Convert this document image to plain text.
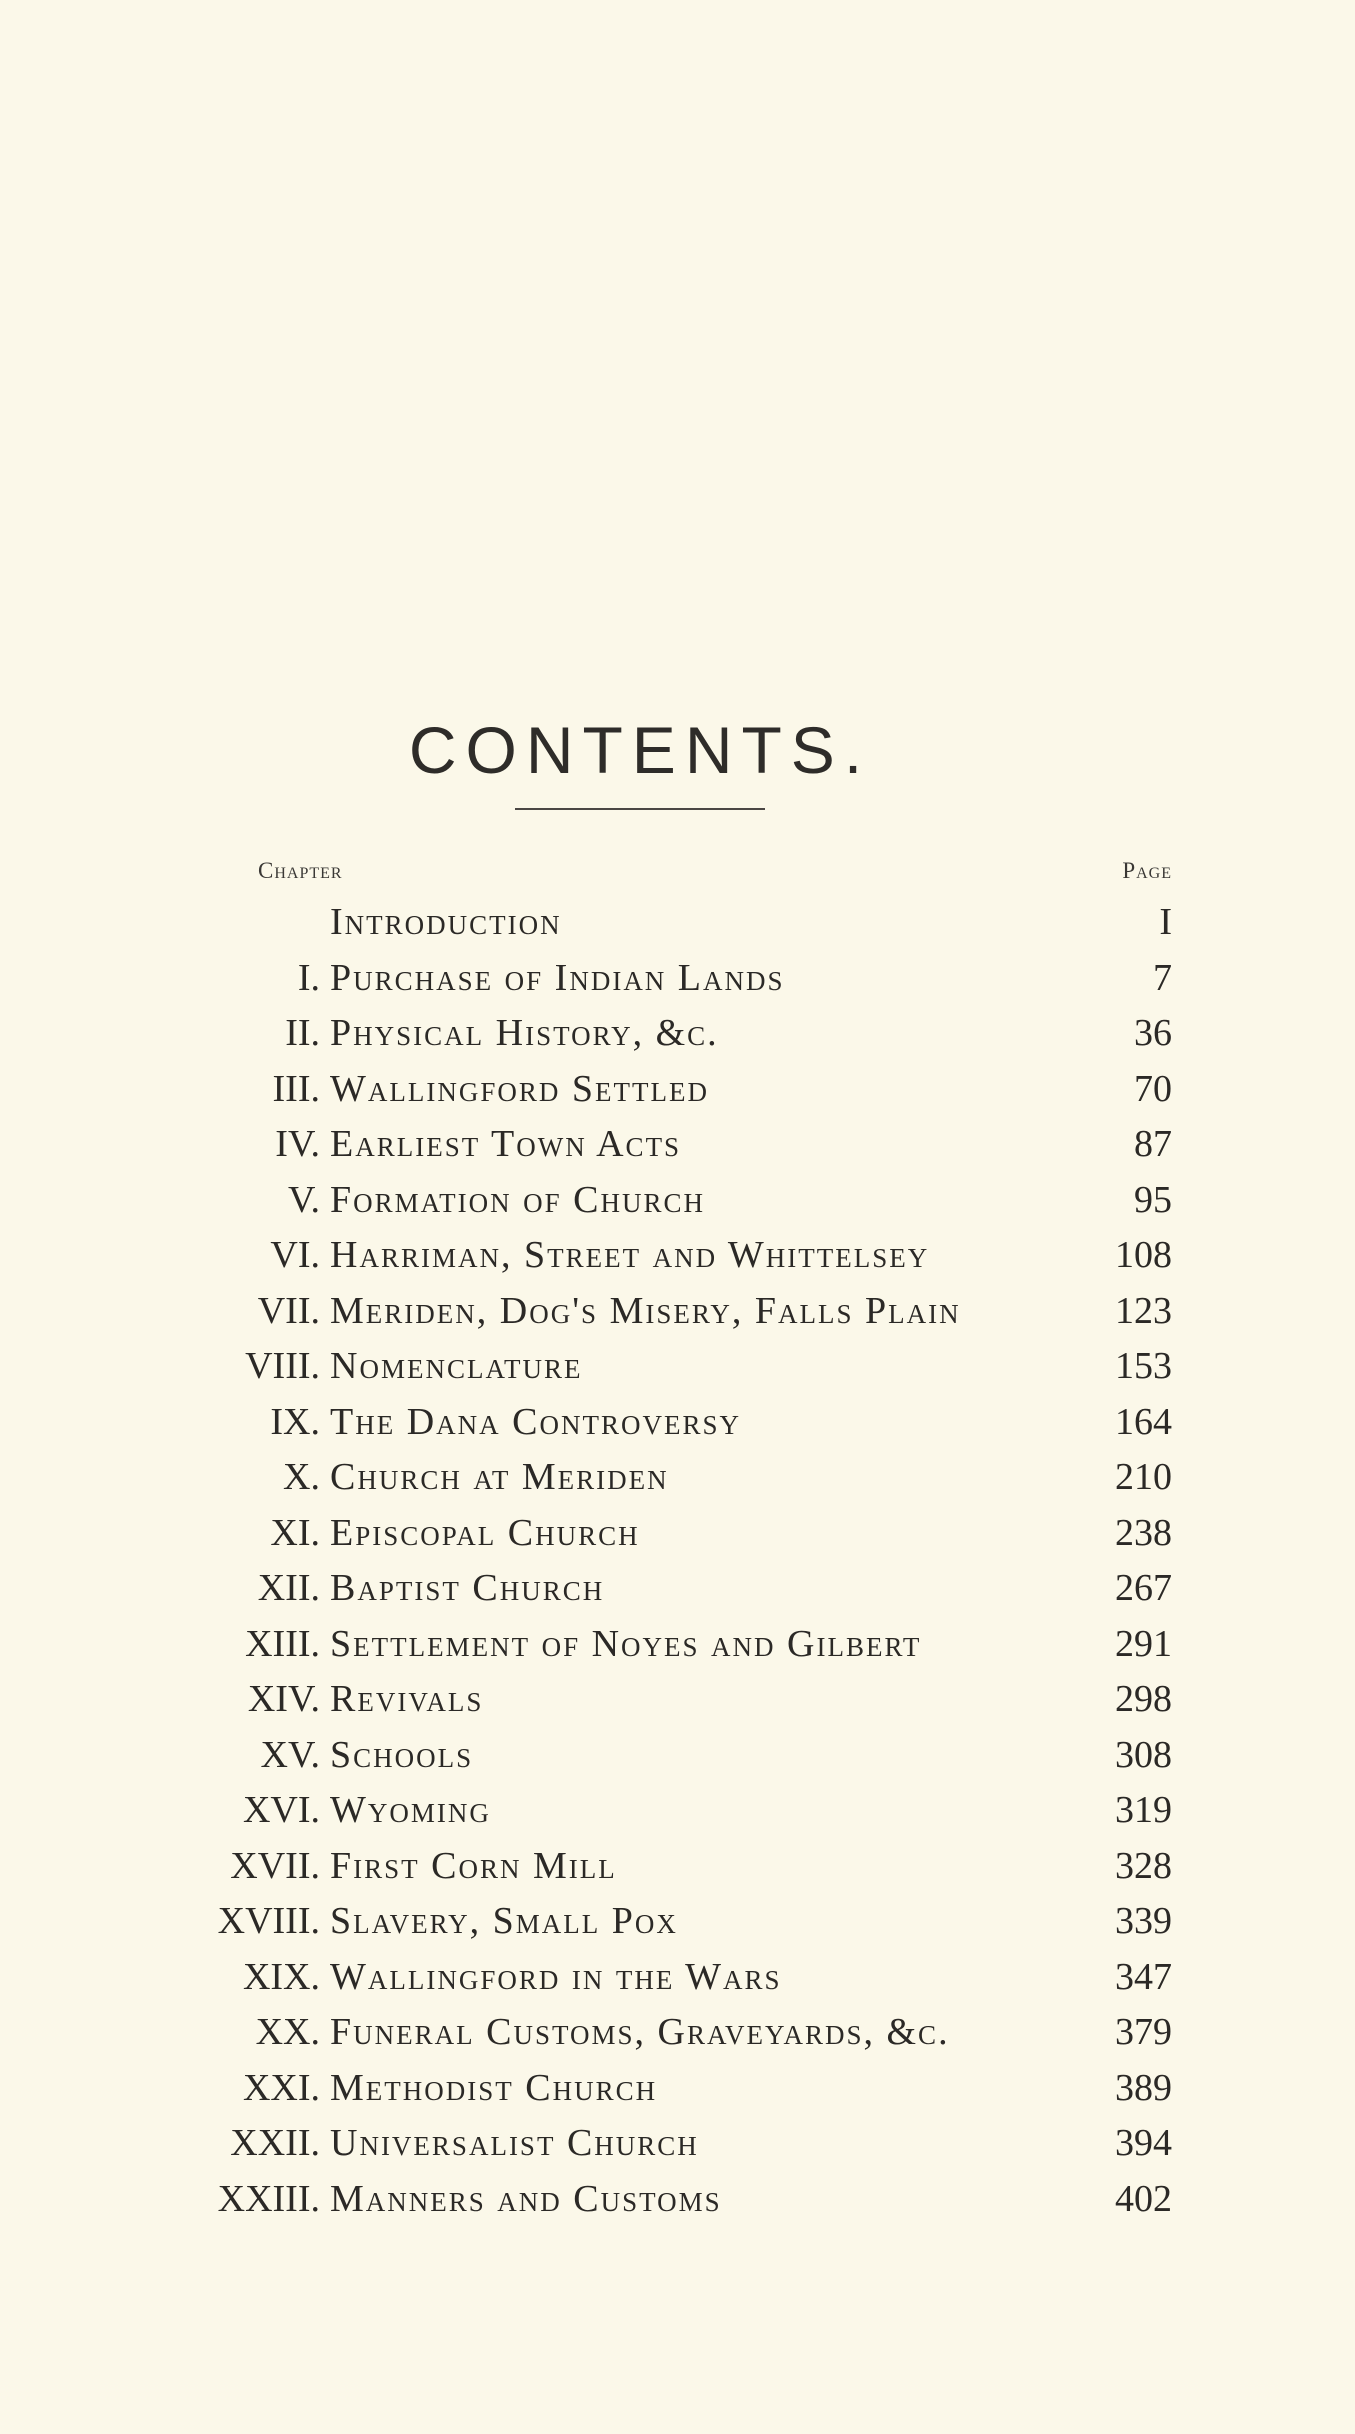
CONTENTS.
Chapter	Page
Introduction	I
I. Purchase of Indian Lands	7
II. Physical History, &c.	36
III. Wallingford Settled	70
IV. Earliest Town Acts	87
V. Formation of Church	95
VI. Harriman, Street and Whittelsey	108
VII. Meriden, Dog's Misery, Falls Plain	123
VIII. Nomenclature	153
IX. The Dana Controversy	164
X. Church at Meriden	210
XI. Episcopal Church	238
XII. Baptist Church	267
XIII. Settlement of Noyes and Gilbert	291
XIV. Revivals	298
XV. Schools	308
XVI. Wyoming	319
XVII. First Corn Mill	328
XVIII. Slavery, Small Pox	339
XIX. Wallingford in the Wars	347
XX. Funeral Customs, Graveyards, &c.	379
XXI. Methodist Church	389
XXII. Universalist Church	394
XXIII. Manners and Customs	402
